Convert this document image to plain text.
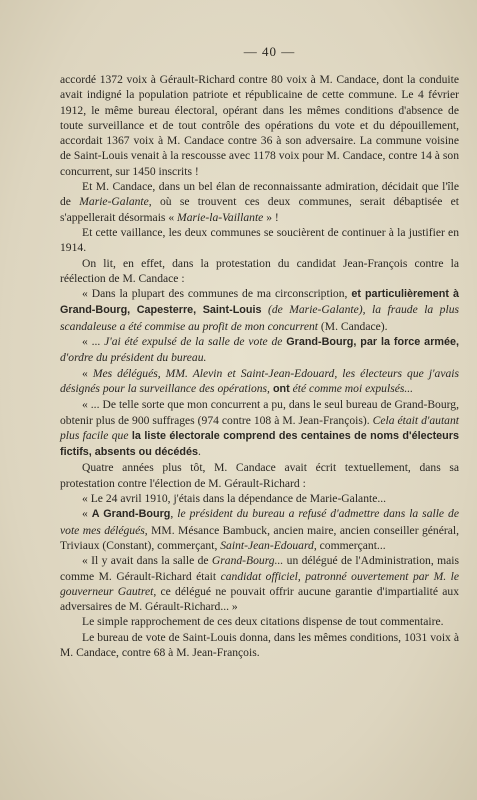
— 40 —

accordé 1372 voix à Gérault-Richard contre 80 voix à M. Candace, dont la conduite avait indigné la population patriote et républicaine de cette commune. Le 4 février 1912, le même bureau électoral, opérant dans les mêmes conditions d'absence de toute surveillance et de tout contrôle des opérations du vote et du dépouillement, accordait 1367 voix à M. Candace contre 36 à son adversaire. La commune voisine de Saint-Louis venait à la rescousse avec 1178 voix pour M. Candace, contre 14 à son concurrent, sur 1450 inscrits !

Et M. Candace, dans un bel élan de reconnaissante admiration, décidait que l'île de Marie-Galante, où se trouvent ces deux communes, serait débaptisée et s'appellerait désormais « Marie-la-Vaillante » !

Et cette vaillance, les deux communes se soucièrent de continuer à la justifier en 1914.

On lit, en effet, dans la protestation du candidat Jean-François contre la réélection de M. Candace :

« Dans la plupart des communes de ma circonscription, et particulièrement à Grand-Bourg, Capesterre, Saint-Louis (de Marie-Galante), la fraude la plus scandaleuse a été commise au profit de mon concurrent (M. Candace).

« ... J'ai été expulsé de la salle de vote de Grand-Bourg, par la force armée, d'ordre du président du bureau.

« Mes délégués, MM. Alevin et Saint-Jean-Edouard, les électeurs que j'avais désignés pour la surveillance des opérations, ont été comme moi expulsés...

« ... De telle sorte que mon concurrent a pu, dans le seul bureau de Grand-Bourg, obtenir plus de 900 suffrages (974 contre 108 à M. Jean-François). Cela était d'autant plus facile que la liste électorale comprend des centaines de noms d'électeurs fictifs, absents ou décédés.

Quatre années plus tôt, M. Candace avait écrit textuellement, dans sa protestation contre l'élection de M. Gérault-Richard :

« Le 24 avril 1910, j'étais dans la dépendance de Marie-Galante...

« A Grand-Bourg, le président du bureau a refusé d'admettre dans la salle de vote mes délégués, MM. Mésance Bambuck, ancien maire, ancien conseiller général, Triviaux (Constant), commerçant, Saint-Jean-Edouard, commerçant...

« Il y avait dans la salle de Grand-Bourg... un délégué de l'Administration, mais comme M. Gérault-Richard était candidat officiel, patronné ouvertement par M. le gouverneur Gautret, ce délégué ne pouvait offrir aucune garantie d'impartialité aux adversaires de M. Gérault-Richard... »

Le simple rapprochement de ces deux citations dispense de tout commentaire.

Le bureau de vote de Saint-Louis donna, dans les mêmes conditions, 1031 voix à M. Candace, contre 68 à M. Jean-François.
